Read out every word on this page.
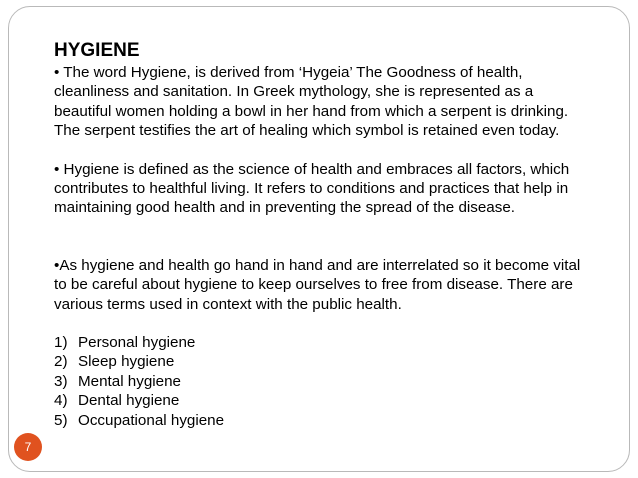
HYGIENE

• The word Hygiene, is derived from ‘Hygeia’ The Goodness of health, cleanliness and sanitation. In Greek mythology, she is represented as a beautiful women holding a bowl in her hand from which a serpent is drinking. The serpent testifies the art of healing which symbol is retained even today.

• Hygiene is defined as the science of health and embraces all factors, which contributes to healthful living. It refers to conditions and practices that help in maintaining good health and in preventing the spread of the disease.

•As hygiene and health go hand in hand and are interrelated so it become vital to be careful about hygiene to keep ourselves to free from disease. There are various terms used in context with the public health.

1) Personal hygiene
2) Sleep hygiene
3) Mental hygiene
4) Dental hygiene
5) Occupational hygiene
7
